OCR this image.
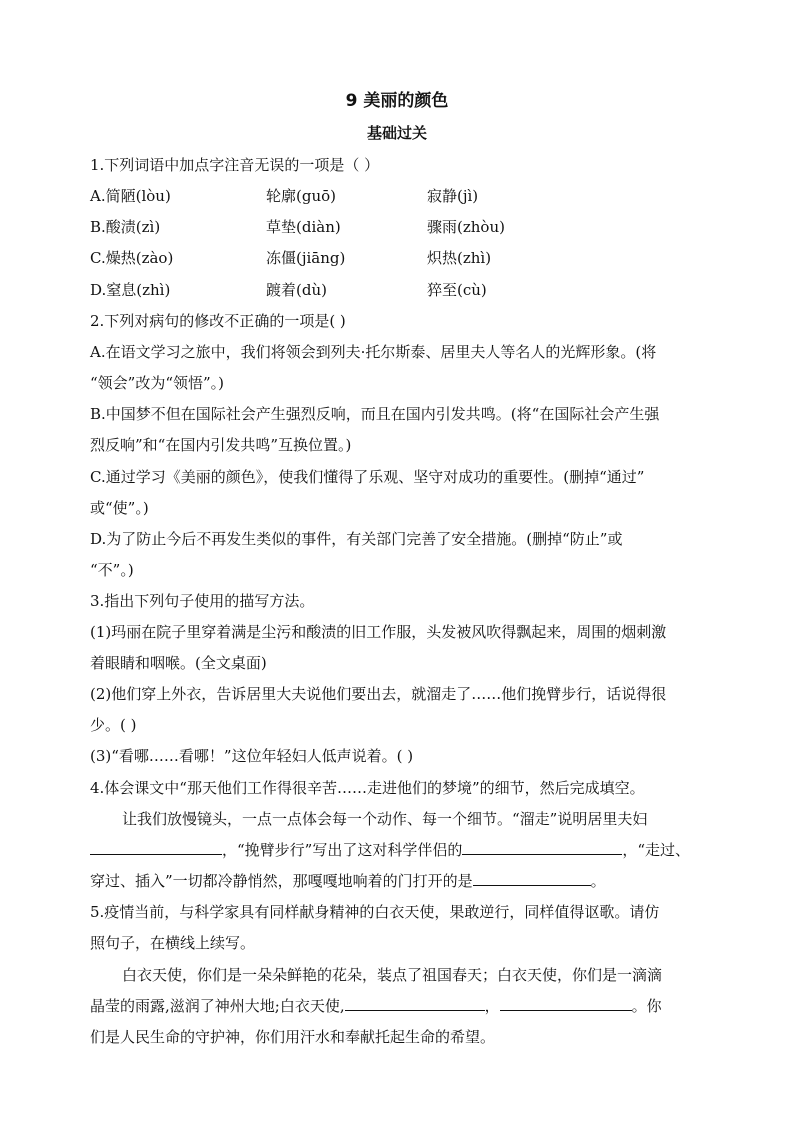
9 美丽的颜色
基础过关
1.下列词语中加点字注音无误的一项是（ ）
A.简陋(lòu)	轮廓(guō)	寂静(jì)
B.酸渍(zì)	草垫(diàn)	骤雨(zhòu)
C.燥热(zào)	冻僵(jiāng)	炽热(zhì)
D.窒息(zhì)	踱着(dù)	猝至(cù)
2.下列对病句的修改不正确的一项是( )
A.在语文学习之旅中，我们将领会到列夫·托尔斯泰、居里夫人等名人的光辉形象。(将
“领会”改为“领悟”。)
B.中国梦不但在国际社会产生强烈反响，而且在国内引发共鸣。(将“在国际社会产生强
烈反响”和“在国内引发共鸣”互换位置。)
C.通过学习《美丽的颜色》，使我们懂得了乐观、坚守对成功的重要性。(删掉“通过”
或“使”。)
D.为了防止今后不再发生类似的事件，有关部门完善了安全措施。(删掉“防止”或
“不”。)
3.指出下列句子使用的描写方法。
(1)玛丽在院子里穿着满是尘污和酸渍的旧工作服，头发被风吹得飘起来，周围的烟刺激
着眼睛和咽喉。(全文桌面)
(2)他们穿上外衣，告诉居里大夫说他们要出去，就溜走了……他们挽臂步行，话说得很
少。( )
(3)“看哪……看哪！”这位年轻妇人低声说着。( )
4.体会课文中“那天他们工作得很辛苦……走进他们的梦境”的细节，然后完成填空。
让我们放慢镜头，一点一点体会每一个动作、每一个细节。“溜走”说明居里夫妇
，“挽臂步行”写出了这对科学伴侣的	，“走过、
穿过、插入”一切都冷静悄然，那嘎嘎地响着的门打开的是	。
5.疫情当前，与科学家具有同样献身精神的白衣天使，果敢逆行，同样值得讴歌。请仿
照句子，在横线上续写。
白衣天使，你们是一朵朵鲜艳的花朵，装点了祖国春天；白衣天使，你们是一滴滴
晶莹的雨露,滋润了神州大地;白衣天使,	，	。你
们是人民生命的守护神，你们用汗水和奉献托起生命的希望。
